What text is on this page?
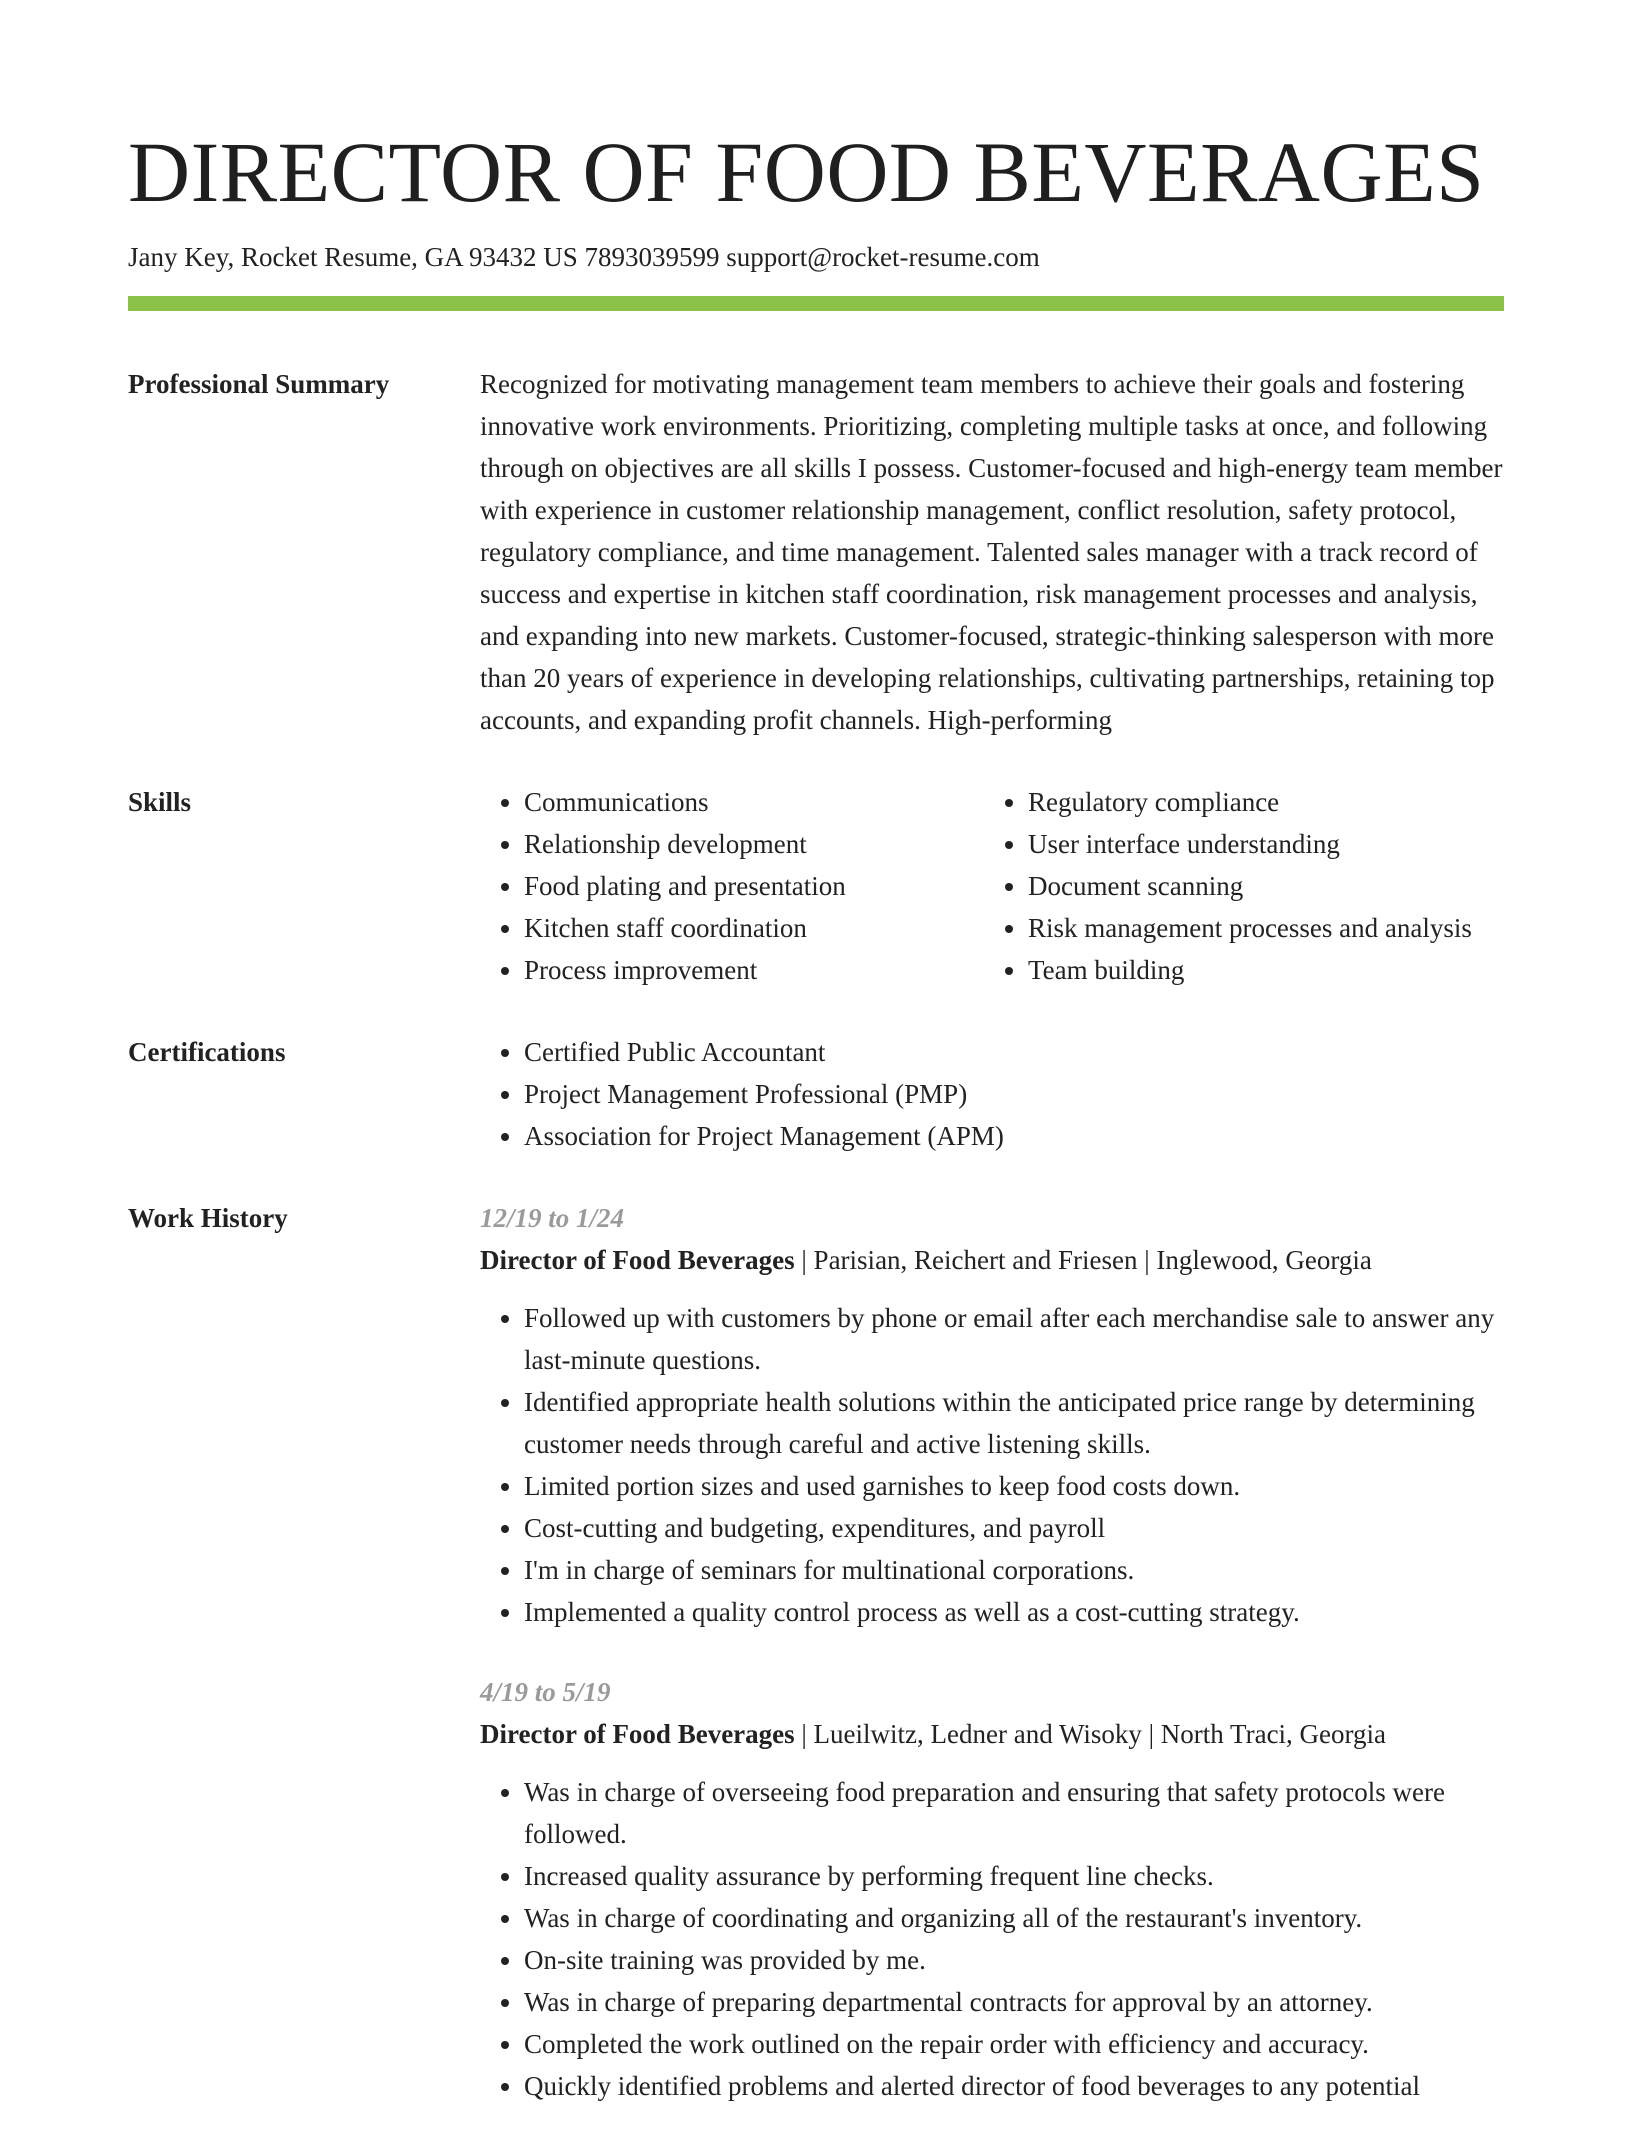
DIRECTOR OF FOOD BEVERAGES
Jany Key, Rocket Resume, GA 93432 US 7893039599 support@rocket-resume.com
Professional Summary	Recognized for motivating management team members to achieve their goals and fostering innovative work environments. Prioritizing, completing multiple tasks at once, and following through on objectives are all skills I possess. Customer-focused and high-energy team member with experience in customer relationship management, conflict resolution, safety protocol, regulatory compliance, and time management. Talented sales manager with a track record of success and expertise in kitchen staff coordination, risk management processes and analysis, and expanding into new markets. Customer-focused, strategic-thinking salesperson with more than 20 years of experience in developing relationships, cultivating partnerships, retaining top accounts, and expanding profit channels. High-performing

Skills	• Communications
• Relationship development
• Food plating and presentation
• Kitchen staff coordination
• Process improvement
• Regulatory compliance
• User interface understanding
• Document scanning
• Risk management processes and analysis
• Team building
Certifications	• Certified Public Accountant
• Project Management Professional (PMP)
• Association for Project Management (APM)
Work History	12/19 to 1/24
Director of Food Beverages | Parisian, Reichert and Friesen | Inglewood, Georgia
• Followed up with customers by phone or email after each merchandise sale to answer any last-minute questions.
• Identified appropriate health solutions within the anticipated price range by determining customer needs through careful and active listening skills.
• Limited portion sizes and used garnishes to keep food costs down.
• Cost-cutting and budgeting, expenditures, and payroll
• I'm in charge of seminars for multinational corporations.
• Implemented a quality control process as well as a cost-cutting strategy.
4/19 to 5/19
Director of Food Beverages | Lueilwitz, Ledner and Wisoky | North Traci, Georgia
• Was in charge of overseeing food preparation and ensuring that safety protocols were followed.
• Increased quality assurance by performing frequent line checks.
• Was in charge of coordinating and organizing all of the restaurant's inventory.
• On-site training was provided by me.
• Was in charge of preparing departmental contracts for approval by an attorney.
• Completed the work outlined on the repair order with efficiency and accuracy.
• Quickly identified problems and alerted director of food beverages to any potential
